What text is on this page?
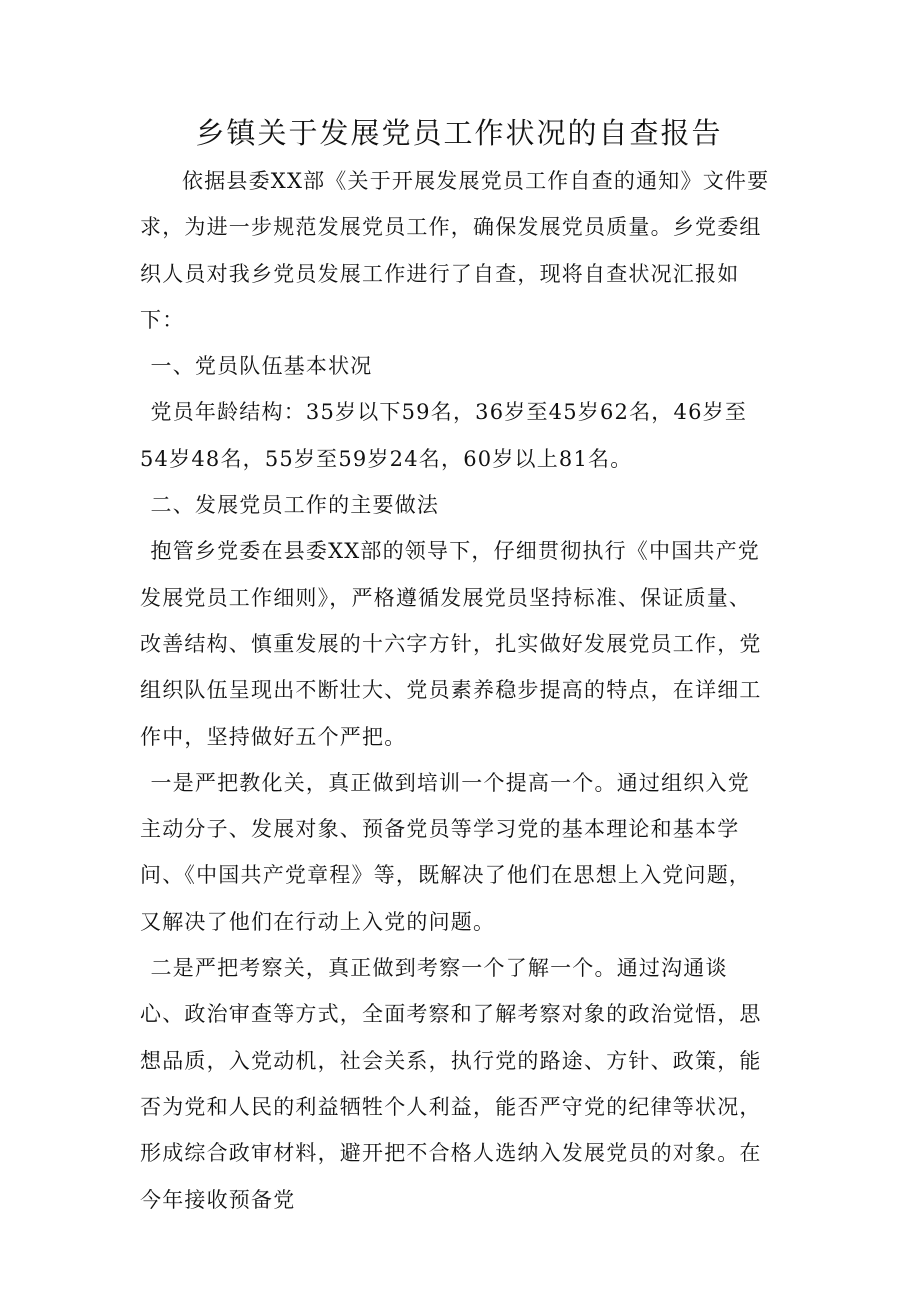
乡镇关于发展党员工作状况的自查报告

依据县委XX部《关于开展发展党员工作自查的通知》文件要求，为进一步规范发展党员工作，确保发展党员质量。乡党委组织人员对我乡党员发展工作进行了自查，现将自查状况汇报如下：

一、党员队伍基本状况

党员年龄结构：35岁以下59名，36岁至45岁62名，46岁至54岁48名，55岁至59岁24名，60岁以上81名。

二、发展党员工作的主要做法

抱管乡党委在县委XX部的领导下，仔细贯彻执行《中国共产党发展党员工作细则》，严格遵循发展党员坚持标准、保证质量、改善结构、慎重发展的十六字方针，扎实做好发展党员工作，党组织队伍呈现出不断壮大、党员素养稳步提高的特点，在详细工作中，坚持做好五个严把。

一是严把教化关，真正做到培训一个提高一个。通过组织入党主动分子、发展对象、预备党员等学习党的基本理论和基本学问、《中国共产党章程》等，既解决了他们在思想上入党问题，又解决了他们在行动上入党的问题。

二是严把考察关，真正做到考察一个了解一个。通过沟通谈心、政治审查等方式，全面考察和了解考察对象的政治觉悟，思想品质，入党动机，社会关系，执行党的路途、方针、政策，能否为党和人民的利益牺牲个人利益，能否严守党的纪律等状况，形成综合政审材料，避开把不合格人选纳入发展党员的对象。在今年接收预备党
